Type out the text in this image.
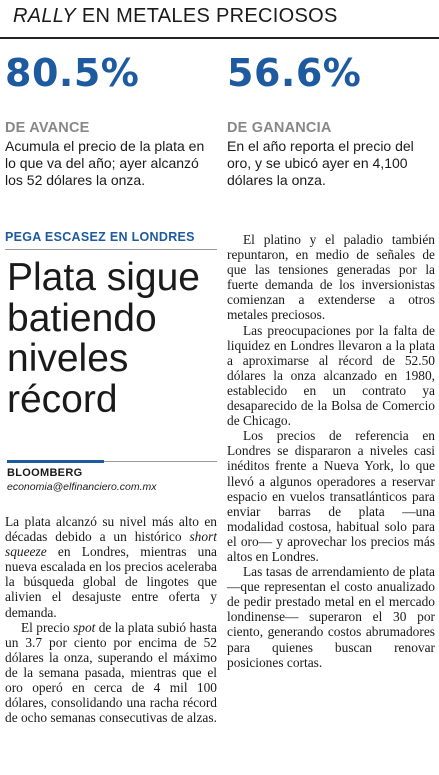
RALLY EN METALES PRECIOSOS
80.5%
DE AVANCE
Acumula el precio de la plata en lo que va del año; ayer alcanzó los 52 dólares la onza.
56.6%
DE GANANCIA
En el año reporta el precio del oro, y se ubicó ayer en 4,100 dólares la onza.
PEGA ESCASEZ EN LONDRES
Plata sigue batiendo niveles récord
BLOOMBERG
economia@elfinanciero.com.mx

La plata alcanzó su nivel más alto en décadas debido a un histórico short squeeze en Londres, mientras una nueva escalada en los precios aceleraba la búsqueda global de lingotes que alivien el desajuste entre oferta y demanda.

El precio spot de la plata subió hasta un 3.7 por ciento por encima de 52 dólares la onza, superando el máximo de la semana pasada, mientras que el oro operó en cerca de 4 mil 100 dólares, consolidando una racha récord de ocho semanas consecutivas de alzas.

El platino y el paladio también repuntaron, en medio de señales de que las tensiones generadas por la fuerte demanda de los inversionistas comienzan a extenderse a otros metales preciosos.

Las preocupaciones por la falta de liquidez en Londres llevaron a la plata a aproximarse al récord de 52.50 dólares la onza alcanzado en 1980, establecido en un contrato ya desaparecido de la Bolsa de Comercio de Chicago.

Los precios de referencia en Londres se dispararon a niveles casi inéditos frente a Nueva York, lo que llevó a algunos operadores a reservar espacio en vuelos transatlánticos para enviar barras de plata —una modalidad costosa, habitual solo para el oro— y aprovechar los precios más altos en Londres.

Las tasas de arrendamiento de plata —que representan el costo anualizado de pedir prestado metal en el mercado londinense— superaron el 30 por ciento, generando costos abrumadores para quienes buscan renovar posiciones cortas.
